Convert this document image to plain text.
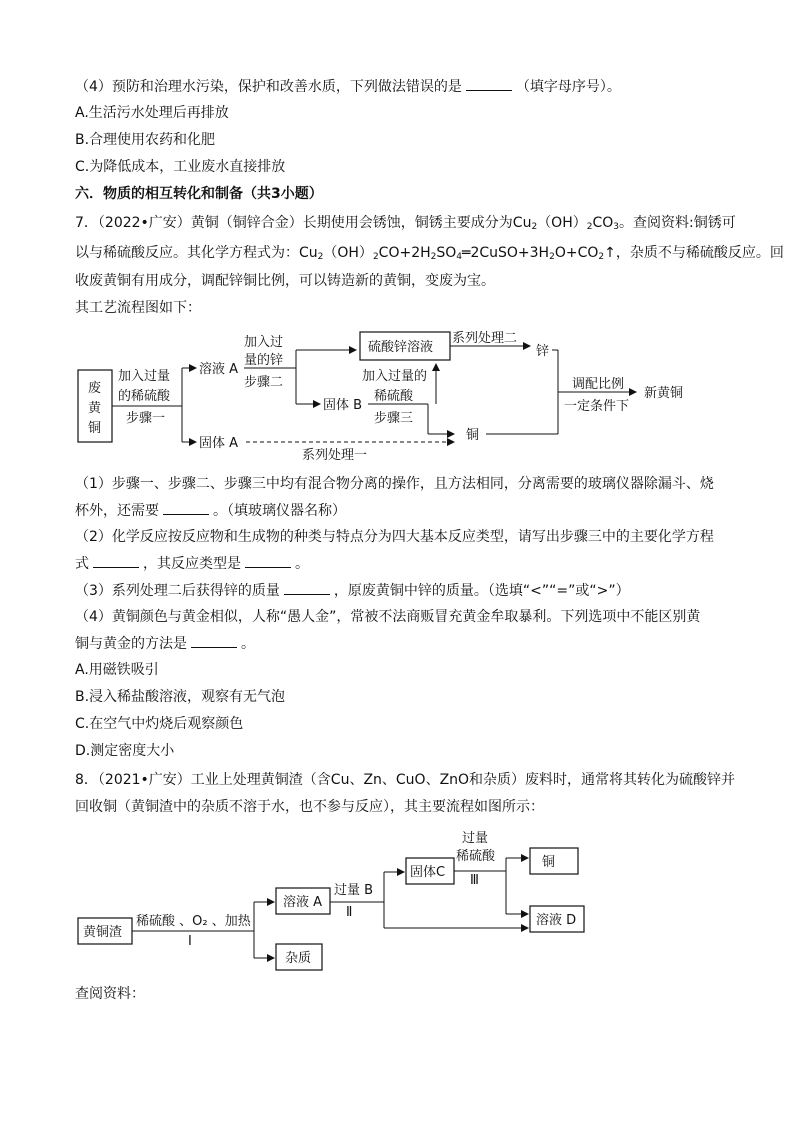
（4）预防和治理水污染，保护和改善水质，下列做法错误的是	（填字母序号）。
A.生活污水处理后再排放
B.合理使用农药和化肥
C.为降低成本，工业废水直接排放
六．物质的相互转化和制备（共3小题）
7．（2022•广安）黄铜（铜锌合金）长期使用会锈蚀，铜锈主要成分为$Cu_2(OH)_2CO_3$。查阅资料:铜锈可
以与稀硫酸反应。其化学方程式为：$Cu_2(OH)_2CO+2H_2SO_4═2CuSO+3H_2O+CO_2↑$，杂质不与稀硫酸反应。回
收废黄铜有用成分，调配锌铜比例，可以铸造新的黄铜，变废为宝。
其工艺流程图如下：
废
黄
铜
加入过量
的稀硫酸
步骤一
溶液 A
固体 A
加入过
量的锌
步骤二
硫酸锌溶液
系列处理二
锌
固体 B
加入过量的
稀硫酸
步骤三
铜
系列处理一
调配比例
一定条件下
新黄铜
（1）步骤一、步骤二、步骤三中均有混合物分离的操作，且方法相同，分离需要的玻璃仪器除漏斗、烧
杯外，还需要	。（填玻璃仪器名称）
（2）化学反应按反应物和生成物的种类与特点分为四大基本反应类型，请写出步骤三中的主要化学方程
式	，其反应类型是	。
（3）系列处理二后获得锌的质量	，原废黄铜中锌的质量。（选填“<”“=”或“>”）
（4）黄铜颜色与黄金相似，人称“愚人金”，常被不法商贩冒充黄金牟取暴利。下列选项中不能区别黄
铜与黄金的方法是	。
A.用磁铁吸引
B.浸入稀盐酸溶液，观察有无气泡
C.在空气中灼烧后观察颜色
D.测定密度大小
8．（2021•广安）工业上处理黄铜渣（含Cu、Zn、CuO、ZnO和杂质）废料时，通常将其转化为硫酸锌并
回收铜（黄铜渣中的杂质不溶于水，也不参与反应），其主要流程如图所示：
黄铜渣
稀硫酸 、O₂ 、加热
Ⅰ
溶液 A
杂质
过量 B
Ⅱ
固体C
过量
稀硫酸
Ⅲ
铜
溶液 D
查阅资料：
